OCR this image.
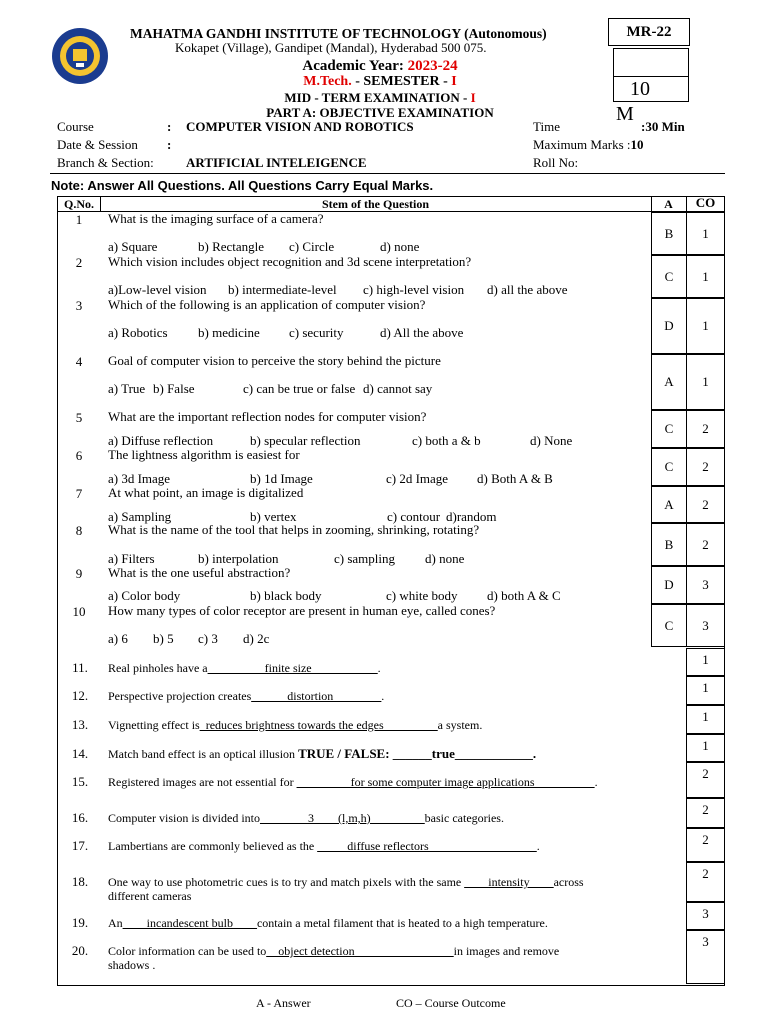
MAHATMA GANDHI INSTITUTE OF TECHNOLOGY (Autonomous)
Kokapet (Village), Gandipet (Mandal), Hyderabad 500 075.
MR-22
10
M
Academic Year: 2023-24
M.Tech. - SEMESTER - I
MID - TERM EXAMINATION - I
PART A: OBJECTIVE EXAMINATION
Course	: COMPUTER VISION AND ROBOTICS
Date & Session :
Branch & Section: ARTIFICIAL INTELEIGENCE
Time	:30 Min
Maximum Marks :10
Roll No:
Note: Answer All Questions. All Questions Carry Equal Marks.
Q.No.	Stem of the Question	A	CO
1	What is the imaging surface of a camera?
a) Square	b) Rectangle c) Circle	d) none
B	1
2	Which vision includes object recognition and 3d scene interpretation?
a)Low-level vision b) intermediate-level c) high-level vision d) all the above
C	1
3	Which of the following is an application of computer vision?
a) Robotics b) medicine c) security	d) All the above	D	1
4	Goal of computer vision to perceive the story behind the picture
a) True b) False	c) can be true or false d) cannot say	A	1
5	What are the important reflection nodes for computer vision?
a) Diffuse reflection	b) specular reflection	c) both a & b	d) None
C	2
6	The lightness algorithm is easiest for
a) 3d Image	b) 1d Image	c) 2d Image d) Both A & B
C	2
7	At what point, an image is digitalized
a) Sampling	b) vertex	c) contour d)random
A	2
8	What is the name of the tool that helps in zooming, shrinking, rotating?
a) Filters	b) interpolation	c) sampling d) none
B	2
9	What is the one useful abstraction?
a) Color body	b) black body	c) white body d) both A & C
D	3
10	How many types of color receptor are present in human eye, called cones?
a) 6 b) 5 c) 3 d) 2c
C	3
11.	Real pinholes have a__ _______finite size___________.
1
12.	Perspective projection creates______distortion________.
1
13.	Vignetting effect is_reduces brightness towards the edges_________a system.
1
14.	Match band effect is an optical illusion TRUE / FALSE: ______true____________.
1
15.	Registered images are not essential for _________for some computer image applications__________.
2
16.	Computer vision is divided into________3____(l,m,h)_________basic categories.
2
17.	Lambertians are commonly believed as the _____diffuse reflectors__________________.	2
18.	One way to use photometric cues is to try and match pixels with the same ____intensity____across
different cameras
2
19.	An____incandescent bulb____contain a metal filament that is heated to a high temperature.
3
20.	Color information can be used to__object detection__________ ______in images and remove
shadows .
3
A - Answer	CO – Course Outcome
